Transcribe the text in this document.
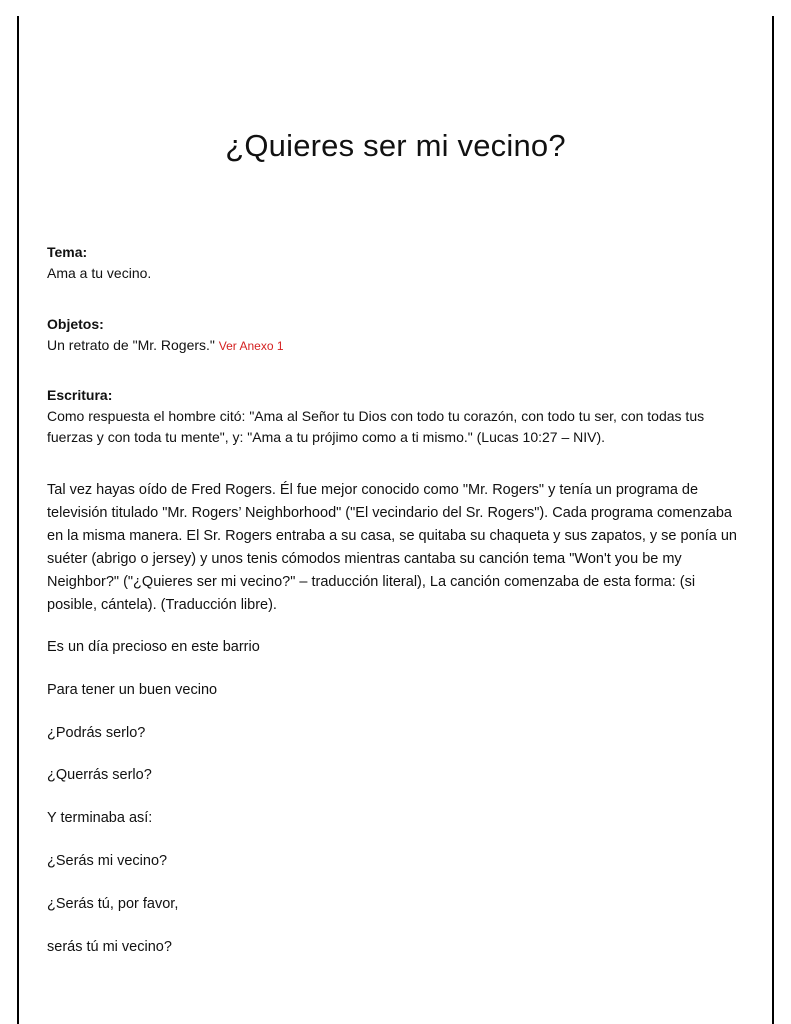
¿Quieres ser mi vecino?
Tema:
Ama a tu vecino.
Objetos:
Un retrato de "Mr. Rogers." Ver Anexo 1
Escritura:
Como respuesta el hombre citó: "Ama al Señor tu Dios con todo tu corazón, con todo tu ser, con todas tus fuerzas y con toda tu mente", y: "Ama a tu prójimo como a ti mismo." (Lucas 10:27 – NIV).

Tal vez hayas oído de Fred Rogers. Él fue mejor conocido como "Mr. Rogers" y tenía un programa de televisión titulado "Mr. Rogers’ Neighborhood" ("El vecindario del Sr. Rogers"). Cada programa comenzaba en la misma manera. El Sr. Rogers entraba a su casa, se quitaba su chaqueta y sus zapatos, y se ponía un suéter (abrigo o jersey) y unos tenis cómodos mientras cantaba su canción tema "Won't you be my Neighbor?" ("¿Quieres ser mi vecino?" – traducción literal), La canción comenzaba de esta forma: (si posible, cántela). (Traducción libre).

Es un día precioso en este barrio

Para tener un buen vecino

¿Podrás serlo?

¿Querrás serlo?

Y terminaba así:

¿Serás mi vecino?

¿Serás tú, por favor,

serás tú mi vecino?
